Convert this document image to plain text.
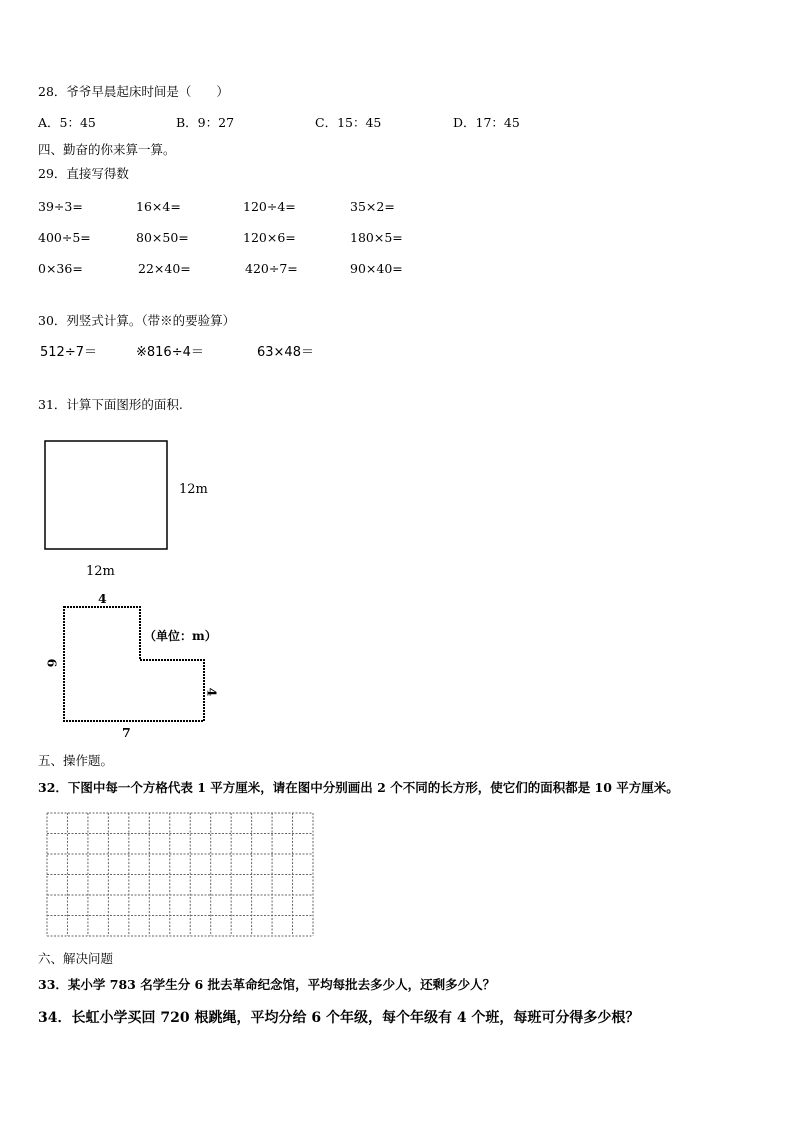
28．爷爷早晨起床时间是（　　）
A．5：45	B．9：27	C．15：45	D．17：45
四、勤奋的你来算一算。
29．直接写得数
39÷3=	16×4=	120÷4=	35×2=
400÷5=	80×50=	120×6=	180×5=
0×36=	22×40=	420÷7=	90×40=
30．列竖式计算。（带※的要验算）
512÷7＝	※816÷4＝	63×48＝
31．计算下面图形的面积.
12m
12m
4
6
4
7
（单位：m）
五、操作题。
32．下图中每一个方格代表 1 平方厘米，请在图中分别画出 2 个不同的长方形，使它们的面积都是 10 平方厘米。
六、解决问题
33．某小学 783 名学生分 6 批去革命纪念馆，平均每批去多少人，还剩多少人？
34．长虹小学买回 720 根跳绳，平均分给 6 个年级，每个年级有 4 个班，每班可分得多少根？
